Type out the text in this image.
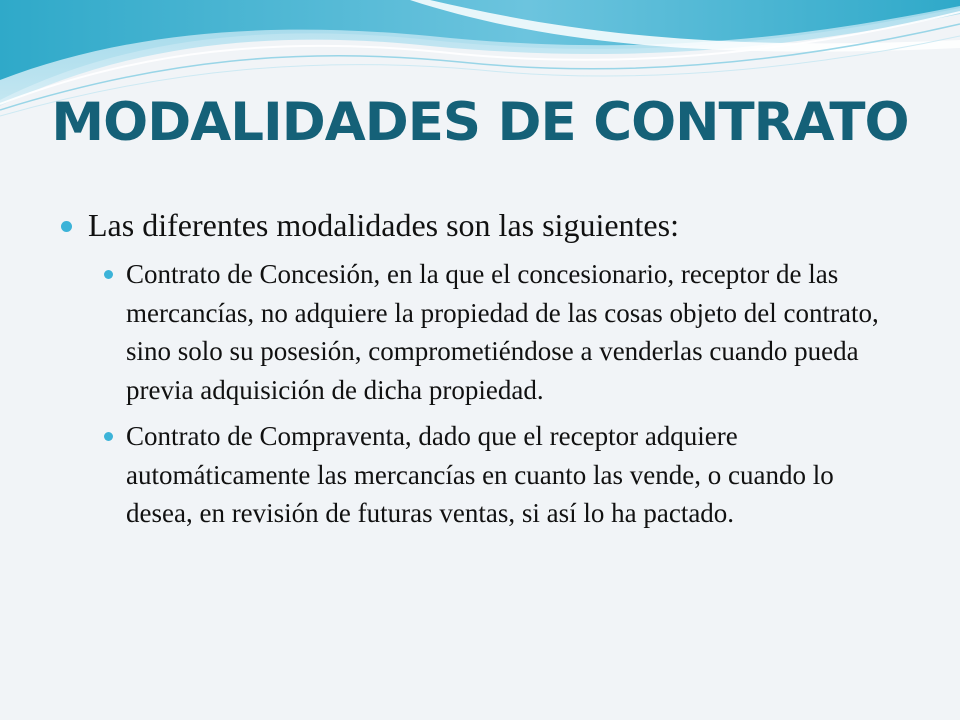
MODALIDADES DE CONTRATO
Las diferentes modalidades son las siguientes:
Contrato de Concesión, en la que el concesionario, receptor de las mercancías, no adquiere la propiedad de las cosas objeto del contrato, sino solo su posesión, comprometiéndose a venderlas cuando pueda previa adquisición de dicha propiedad.
Contrato de Compraventa, dado que el receptor adquiere automáticamente las mercancías en cuanto las vende, o cuando lo desea, en revisión de futuras ventas, si así lo ha pactado.
